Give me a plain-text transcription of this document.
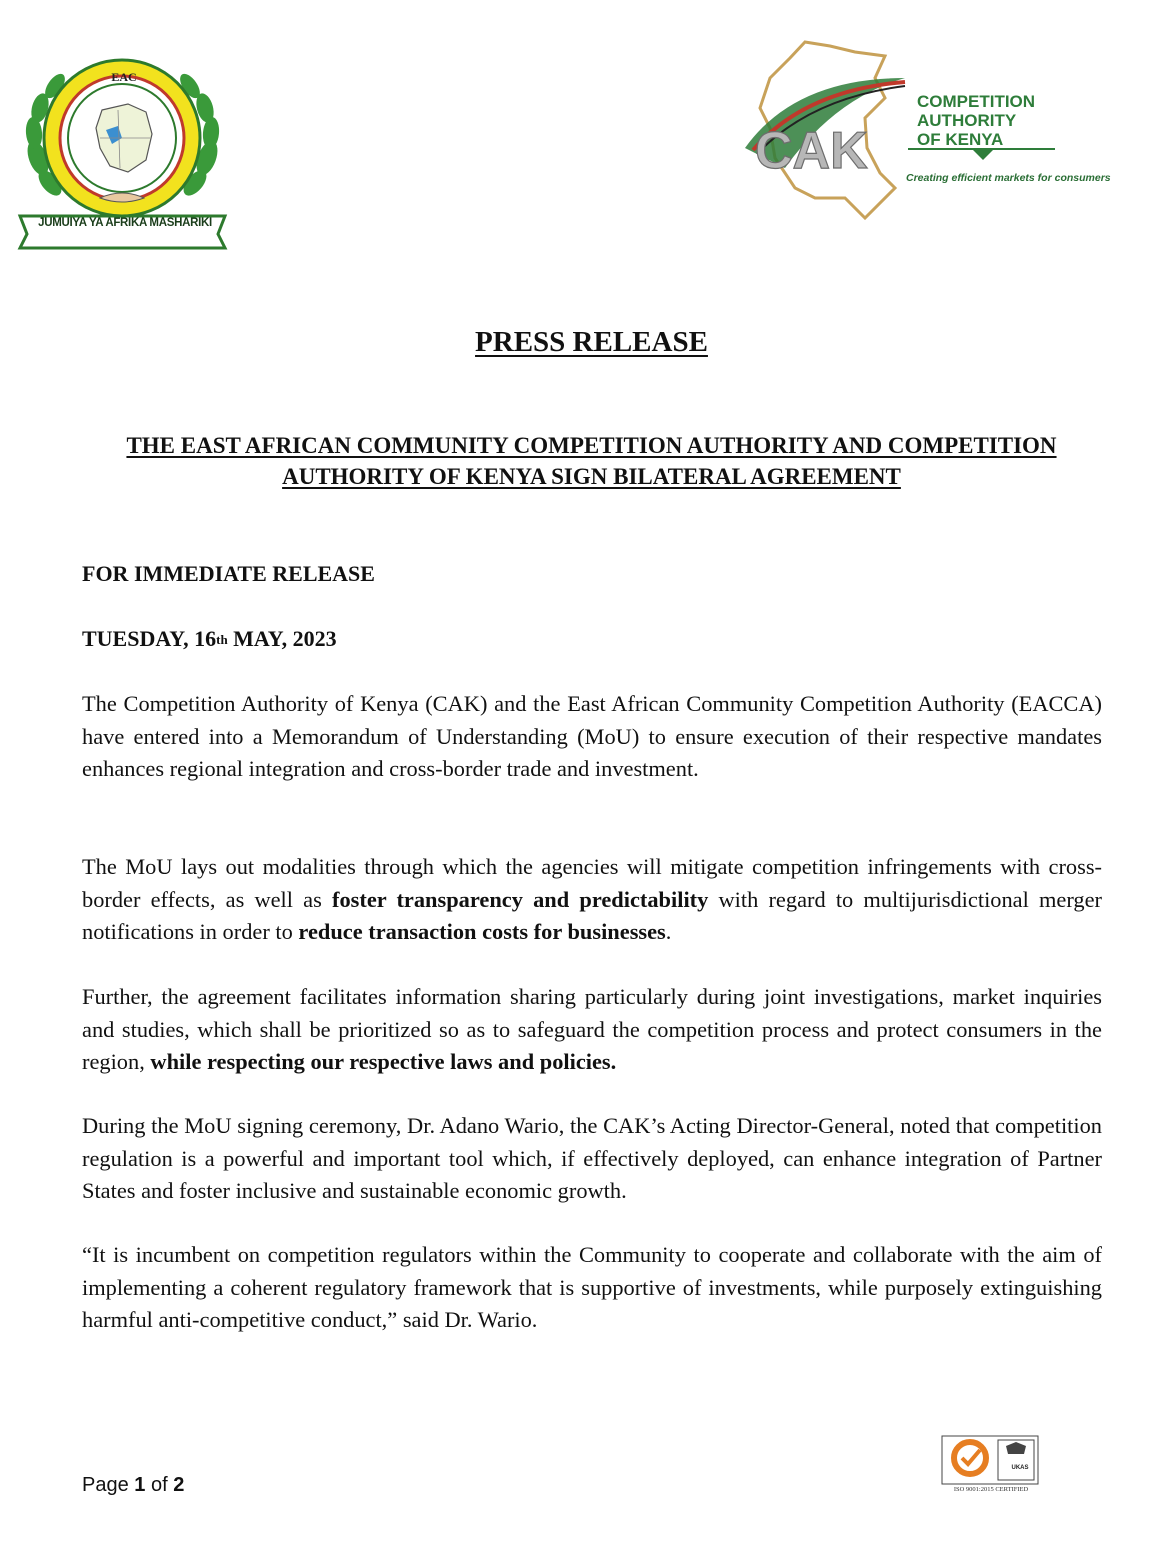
EAC
JUMUIYA YA AFRIKA MASHARIKI
CAK
COMPETITION
AUTHORITY
OF KENYA
Creating efficient markets for consumers
PRESS RELEASE
THE EAST AFRICAN COMMUNITY COMPETITION AUTHORITY AND COMPETITION AUTHORITY OF KENYA SIGN BILATERAL AGREEMENT
FOR IMMEDIATE RELEASE
TUESDAY, 16th MAY, 2023

The Competition Authority of Kenya (CAK) and the East African Community Competition Authority (EACCA) have entered into a Memorandum of Understanding (MoU) to ensure execution of their respective mandates enhances regional integration and cross-border trade and investment.

The MoU lays out modalities through which the agencies will mitigate competition infringements with cross-border effects, as well as foster transparency and predictability with regard to multijurisdictional merger notifications in order to reduce transaction costs for businesses.

Further, the agreement facilitates information sharing particularly during joint investigations, market inquiries and studies, which shall be prioritized so as to safeguard the competition process and protect consumers in the region, while respecting our respective laws and policies.

During the MoU signing ceremony, Dr. Adano Wario, the CAK’s Acting Director-General, noted that competition regulation is a powerful and important tool which, if effectively deployed, can enhance integration of Partner States and foster inclusive and sustainable economic growth.

“It is incumbent on competition regulators within the Community to cooperate and collaborate with the aim of implementing a coherent regulatory framework that is supportive of investments, while purposely extinguishing harmful anti-competitive conduct,” said Dr. Wario.

Page 1 of 2
UKAS
ISO 9001:2015 CERTIFIED
